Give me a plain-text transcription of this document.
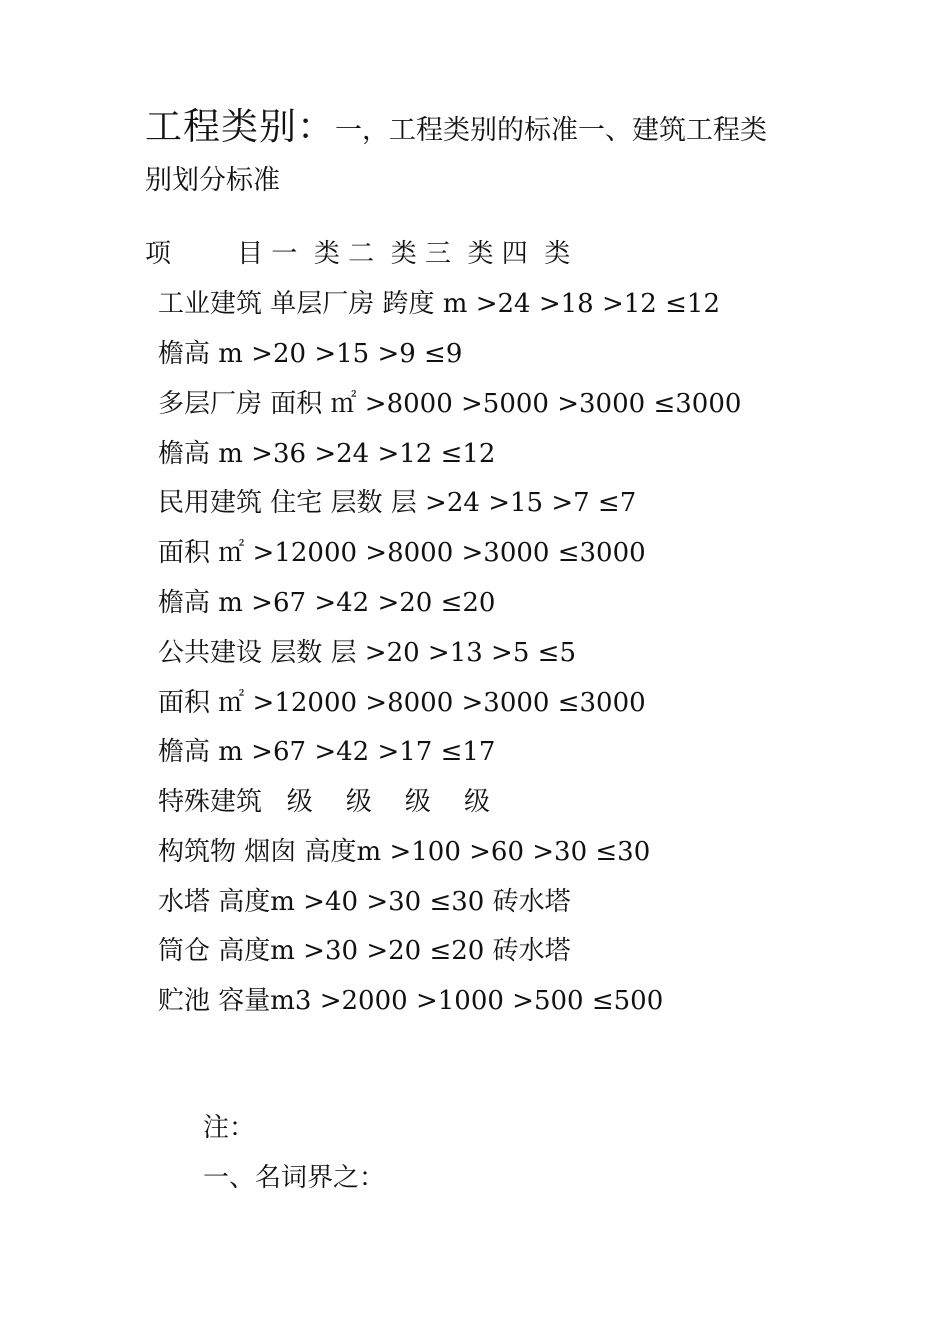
工程类别：一，工程类别的标准一、建筑工程类
别划分标准
项        目 一  类 二  类 三  类 四  类
工业建筑 单层厂房 跨度 m >24 >18 >12 ≤12
檐高 m >20 >15 >9 ≤9
多层厂房 面积 ㎡ >8000 >5000 >3000 ≤3000
檐高 m >36 >24 >12 ≤12
民用建筑 住宅 层数 层 >24 >15 >7 ≤7
面积 ㎡ >12000 >8000 >3000 ≤3000
檐高 m >67 >42 >20 ≤20
公共建设 层数 层 >20 >13 >5 ≤5
面积 ㎡ >12000 >8000 >3000 ≤3000
檐高 m >67 >42 >17 ≤17
特殊建筑   级    级    级    级
构筑物 烟囱 高度m >100 >60 >30 ≤30
水塔 高度m >40 >30 ≤30 砖水塔
筒仓 高度m >30 >20 ≤20 砖水塔
贮池 容量m3 >2000 >1000 >500 ≤500
注：
一、名词界之：
